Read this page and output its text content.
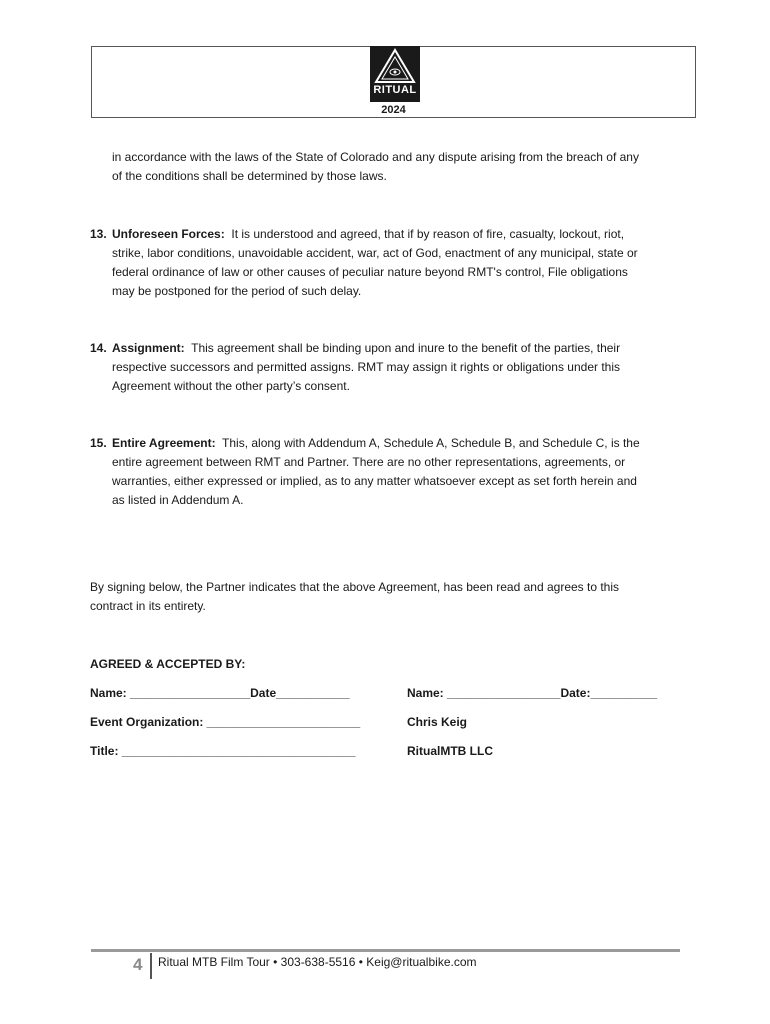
RITUAL
2024

in accordance with the laws of the State of Colorado and any dispute arising from the breach of any
of the conditions shall be determined by those laws.

13. Unforeseen Forces: It is understood and agreed, that if by reason of fire, casualty, lockout, riot,
strike, labor conditions, unavoidable accident, war, act of God, enactment of any municipal, state or
federal ordinance of law or other causes of peculiar nature beyond RMT's control, File obligations
may be postponed for the period of such delay.
14. Assignment: This agreement shall be binding upon and inure to the benefit of the parties, their
respective successors and permitted assigns. RMT may assign it rights or obligations under this
Agreement without the other party’s consent.
15. Entire Agreement: This, along with Addendum A, Schedule A, Schedule B, and Schedule C, is the
entire agreement between RMT and Partner. There are no other representations, agreements, or
warranties, either expressed or implied, as to any matter whatsoever except as set forth herein and
as listed in Addendum A.

By signing below, the Partner indicates that the above Agreement, has been read and agrees to this
contract in its entirety.

AGREED & ACCEPTED BY:
Name: __________________Date___________
Event Organization: _______________________
Title: ___________________________________
Name: _________________Date:__________
Chris Keig
RitualMTB LLC
4 Ritual MTB Film Tour • 303-638-5516 • Keig@ritualbike.com
